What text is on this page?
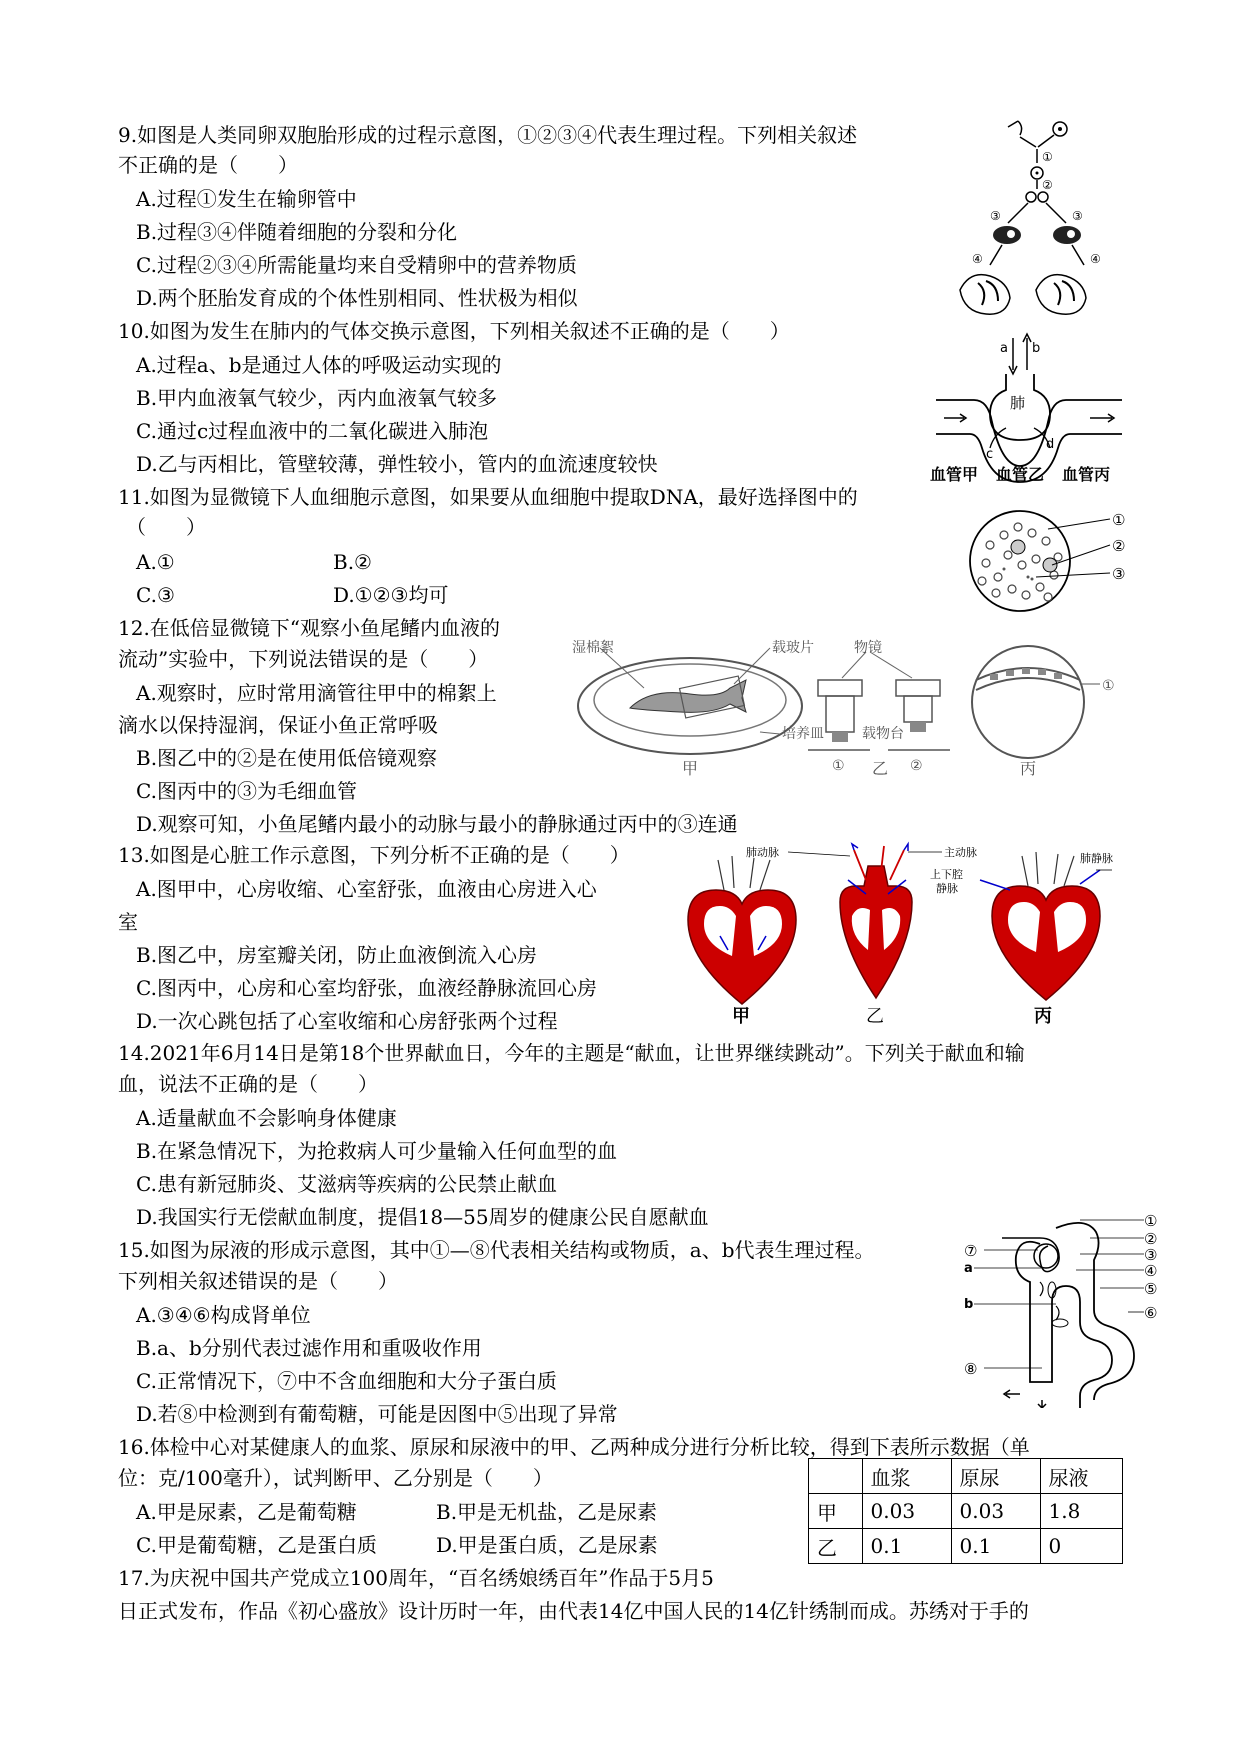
9.如图是人类同卵双胞胎形成的过程示意图，①②③④代表生理过程。下列相关叙述
不正确的是（　　）
A.过程①发生在输卵管中
B.过程③④伴随着细胞的分裂和分化
C.过程②③④所需能量均来自受精卵中的营养物质
D.两个胚胎发育成的个体性别相同、性状极为相似
①
②
③	③
④	④
10.如图为发生在肺内的气体交换示意图，下列相关叙述不正确的是（　　）
A.过程a、b是通过人体的呼吸运动实现的
B.甲内血液氧气较少，丙内血液氧气较多
C.通过c过程血液中的二氧化碳进入肺泡
D.乙与丙相比，管壁较薄，弹性较小，管内的血流速度较快
a b
肺
c
d
血管甲 血管乙 血管丙
11.如图为显微镜下人血细胞示意图，如果要从血细胞中提取DNA，最好选择图中的
（　　）
A.①	B.②
C.③	D.①②③均可
①
②
③
12.在低倍显微镜下“观察小鱼尾鳍内血液的
流动”实验中，下列说法错误的是（　　）
A.观察时，应时常用滴管往甲中的棉絮上
滴水以保持湿润，保证小鱼正常呼吸
B.图乙中的②是在使用低倍镜观察
C.图丙中的③为毛细血管
D.观察可知，小鱼尾鳍内最小的动脉与最小的静脉通过丙中的③连通
湿棉絮	载玻片
培养皿
甲
物镜
载物台
① 乙 ②
①
丙
13.如图是心脏工作示意图，下列分析不正确的是（　　）
A.图甲中，心房收缩、心室舒张，血液由心房进入心
室
B.图乙中，房室瓣关闭，防止血液倒流入心房
C.图丙中，心房和心室均舒张，血液经静脉流回心房
D.一次心跳包括了心室收缩和心房舒张两个过程
肺动脉	主动脉
上下腔
静脉
肺静脉
甲	乙	丙
14.2021年6月14日是第18个世界献血日，今年的主题是“献血，让世界继续跳动”。下列关于献血和输
血，说法不正确的是（　　）
A.适量献血不会影响身体健康
B.在紧急情况下，为抢救病人可少量输入任何血型的血
C.患有新冠肺炎、艾滋病等疾病的公民禁止献血
D.我国实行无偿献血制度，提倡18—55周岁的健康公民自愿献血
15.如图为尿液的形成示意图，其中①—⑧代表相关结构或物质，a、b代表生理过程。
下列相关叙述错误的是（　　）
A.③④⑥构成肾单位
B.a、b分别代表过滤作用和重吸收作用
C.正常情况下，⑦中不含血细胞和大分子蛋白质
D.若⑧中检测到有葡萄糖，可能是因图中⑤出现了异常
①
②
③
④
⑤
⑥
⑦
a
b
⑧
16.体检中心对某健康人的血浆、原尿和尿液中的甲、乙两种成分进行分析比较，得到下表所示数据（单
位：克/100毫升），试判断甲、乙分别是（　　）
A.甲是尿素，乙是葡萄糖	B.甲是无机盐，乙是尿素
C.甲是葡萄糖，乙是蛋白质	D.甲是蛋白质，乙是尿素
	血浆	原尿	尿液
甲	0.03	0.03	1.8
乙	0.1	0.1	0
17.为庆祝中国共产党成立100周年，“百名绣娘绣百年”作品于5月5
日正式发布，作品《初心盛放》设计历时一年，由代表14亿中国人民的14亿针绣制而成。苏绣对于手的
